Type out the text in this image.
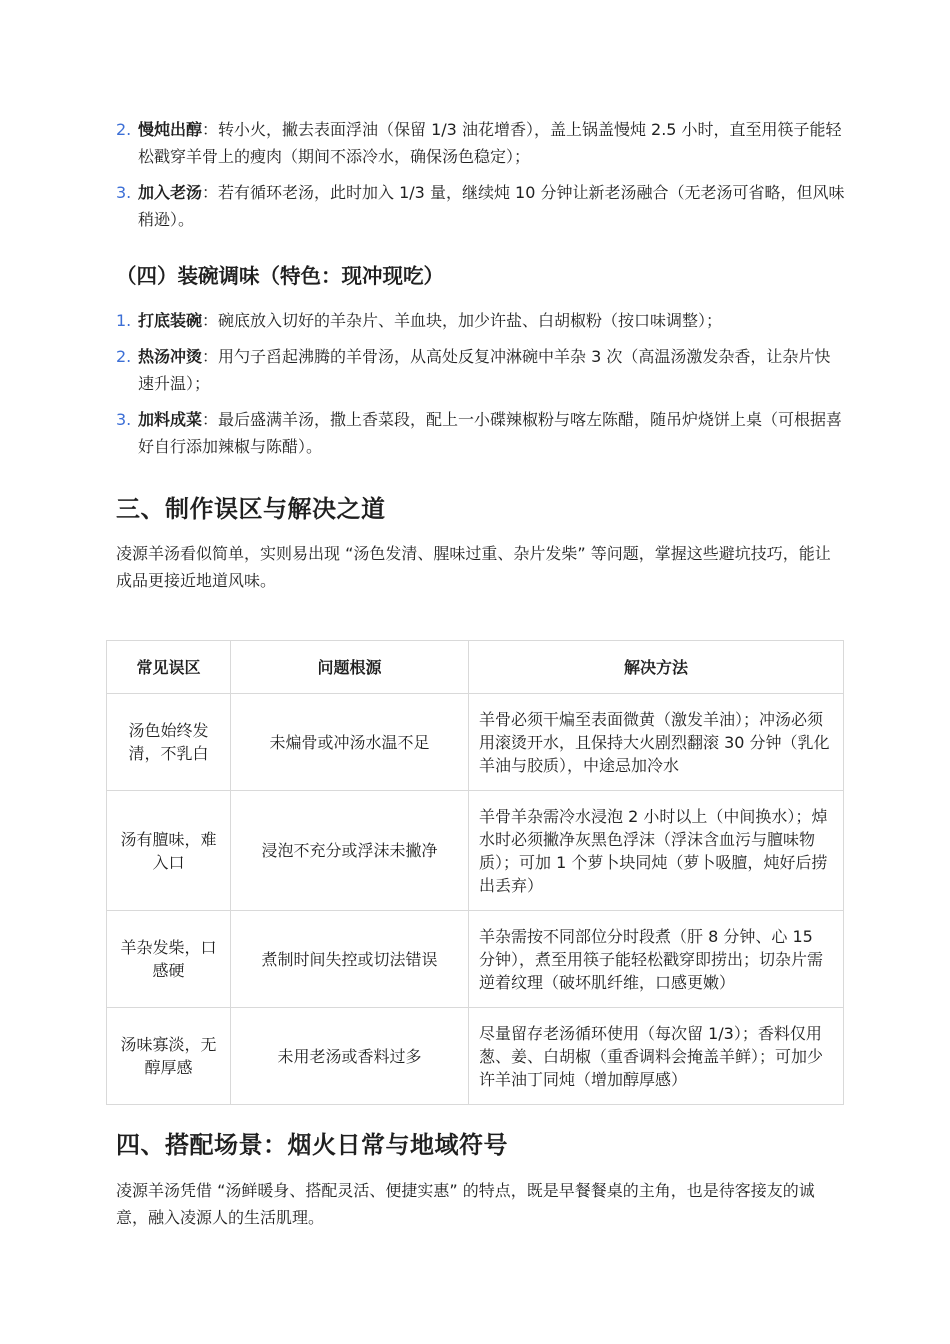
2. 慢炖出醇：转小火，撇去表面浮油（保留 1/3 油花增香），盖上锅盖慢炖 2.5 小时，直至用筷子能轻松戳穿羊骨上的瘦肉（期间不添冷水，确保汤色稳定）；
3. 加入老汤：若有循环老汤，此时加入 1/3 量，继续炖 10 分钟让新老汤融合（无老汤可省略，但风味稍逊）。
（四）装碗调味（特色：现冲现吃）
1. 打底装碗：碗底放入切好的羊杂片、羊血块，加少许盐、白胡椒粉（按口味调整）；
2. 热汤冲烫：用勺子舀起沸腾的羊骨汤，从高处反复冲淋碗中羊杂 3 次（高温汤激发杂香，让杂片快速升温）；
3. 加料成菜：最后盛满羊汤，撒上香菜段，配上一小碟辣椒粉与喀左陈醋，随吊炉烧饼上桌（可根据喜好自行添加辣椒与陈醋）。
三、制作误区与解决之道

凌源羊汤看似简单，实则易出现 “汤色发清、腥味过重、杂片发柴” 等问题，掌握这些避坑技巧，能让成品更接近地道风味。

常见误区	问题根源	解决方法
汤色始终发清，不乳白	未煸骨或冲汤水温不足	羊骨必须干煸至表面微黄（激发羊油）；冲汤必须用滚烫开水，且保持大火剧烈翻滚 30 分钟（乳化羊油与胶质），中途忌加冷水
汤有膻味，难入口	浸泡不充分或浮沫未撇净	羊骨羊杂需冷水浸泡 2 小时以上（中间换水）；焯水时必须撇净灰黑色浮沫（浮沫含血污与膻味物质）；可加 1 个萝卜块同炖（萝卜吸膻，炖好后捞出丢弃）
羊杂发柴，口感硬	煮制时间失控或切法错误	羊杂需按不同部位分时段煮（肝 8 分钟、心 15 分钟），煮至用筷子能轻松戳穿即捞出；切杂片需逆着纹理（破坏肌纤维，口感更嫩）
汤味寡淡，无醇厚感	未用老汤或香料过多	尽量留存老汤循环使用（每次留 1/3）；香料仅用葱、姜、白胡椒（重香调料会掩盖羊鲜）；可加少许羊油丁同炖（增加醇厚感）
四、搭配场景：烟火日常与地域符号

凌源羊汤凭借 “汤鲜暖身、搭配灵活、便捷实惠” 的特点，既是早餐餐桌的主角，也是待客接友的诚意，融入凌源人的生活肌理。
